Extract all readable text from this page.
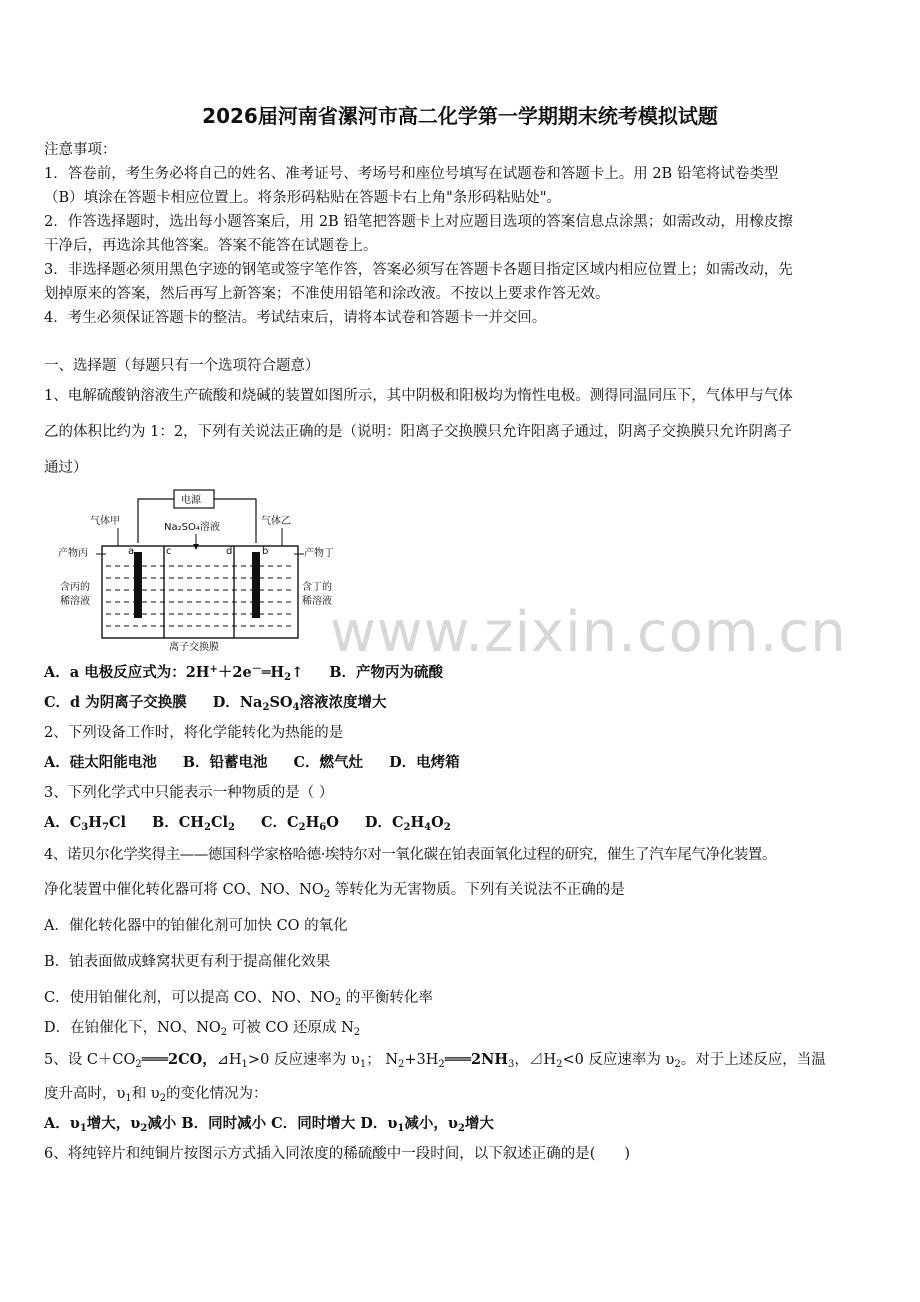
2026届河南省漯河市高二化学第一学期期末统考模拟试题
注意事项：
1．答卷前，考生务必将自己的姓名、准考证号、考场号和座位号填写在试题卷和答题卡上。用 2B 铅笔将试卷类型
（B）填涂在答题卡相应位置上。将条形码粘贴在答题卡右上角"条形码粘贴处"。
2．作答选择题时，选出每小题答案后，用 2B 铅笔把答题卡上对应题目选项的答案信息点涂黑；如需改动，用橡皮擦
干净后，再选涂其他答案。答案不能答在试题卷上。
3．非选择题必须用黑色字迹的钢笔或签字笔作答，答案必须写在答题卡各题目指定区域内相应位置上；如需改动，先
划掉原来的答案，然后再写上新答案；不准使用铅笔和涂改液。不按以上要求作答无效。
4．考生必须保证答题卡的整洁。考试结束后，请将本试卷和答题卡一并交回。
一、选择题（每题只有一个选项符合题意）
1、电解硫酸钠溶液生产硫酸和烧碱的装置如图所示，其中阴极和阳极均为惰性电极。测得同温同压下，气体甲与气体
乙的体积比约为 1：2，下列有关说法正确的是（说明：阳离子交换膜只允许阳离子通过，阴离子交换膜只允许阴离子
通过）
电源
气体甲	气体乙
Na₂SO₄溶液
c	d
a	b
产物丙	产物丁
含丙的
稀溶液
含丁的
稀溶液
离子交换膜 www.zixin.com.cn
A．a 电极反应式为：$2H^++2e^-═H_2↑$ B．产物丙为硫酸
C．d 为阴离子交换膜 D．$Na_2SO_4$溶液浓度增大
2、下列设备工作时，将化学能转化为热能的是
A．硅太阳能电池 B．铅蓄电池 C．燃气灶 D．电烤箱
3、下列化学式中只能表示一种物质的是（ ）
A．$C_3H_7Cl$ B．$CH_2Cl_2$ C．$C_2H_6O$ D．$C_2H_4O_2$
4、诺贝尔化学奖得主——德国科学家格哈德·埃特尔对一氧化碳在铂表面氧化过程的研究，催生了汽车尾气净化装置。
净化装置中催化转化器可将 CO、NO、$NO_2$ 等转化为无害物质。下列有关说法不正确的是
A．催化转化器中的铂催化剂可加快 CO 的氧化
B．铂表面做成蜂窝状更有利于提高催化效果
C．使用铂催化剂，可以提高 CO、NO、$NO_2$ 的平衡转化率
D．在铂催化下，NO、$NO_2$ 可被 CO 还原成 $N_2$
5、设 $C+CO_2═══2CO$，$⊿H_1>0$ 反应速率为 $\upsilon_1$； $N_2+3H_2═══2NH_3$，$⊿H_2<0$ 反应速率为 $\upsilon_2$。对于上述反应，当温
度升高时，$\upsilon_1$和 $\upsilon_2$的变化情况为：
A．$\upsilon_1$增大，$\upsilon_2$减小 B．同时减小 C．同时增大 D．$\upsilon_1$减小，$\upsilon_2$增大
6、将纯锌片和纯铜片按图示方式插入同浓度的稀硫酸中一段时间，以下叙述正确的是(　　)
